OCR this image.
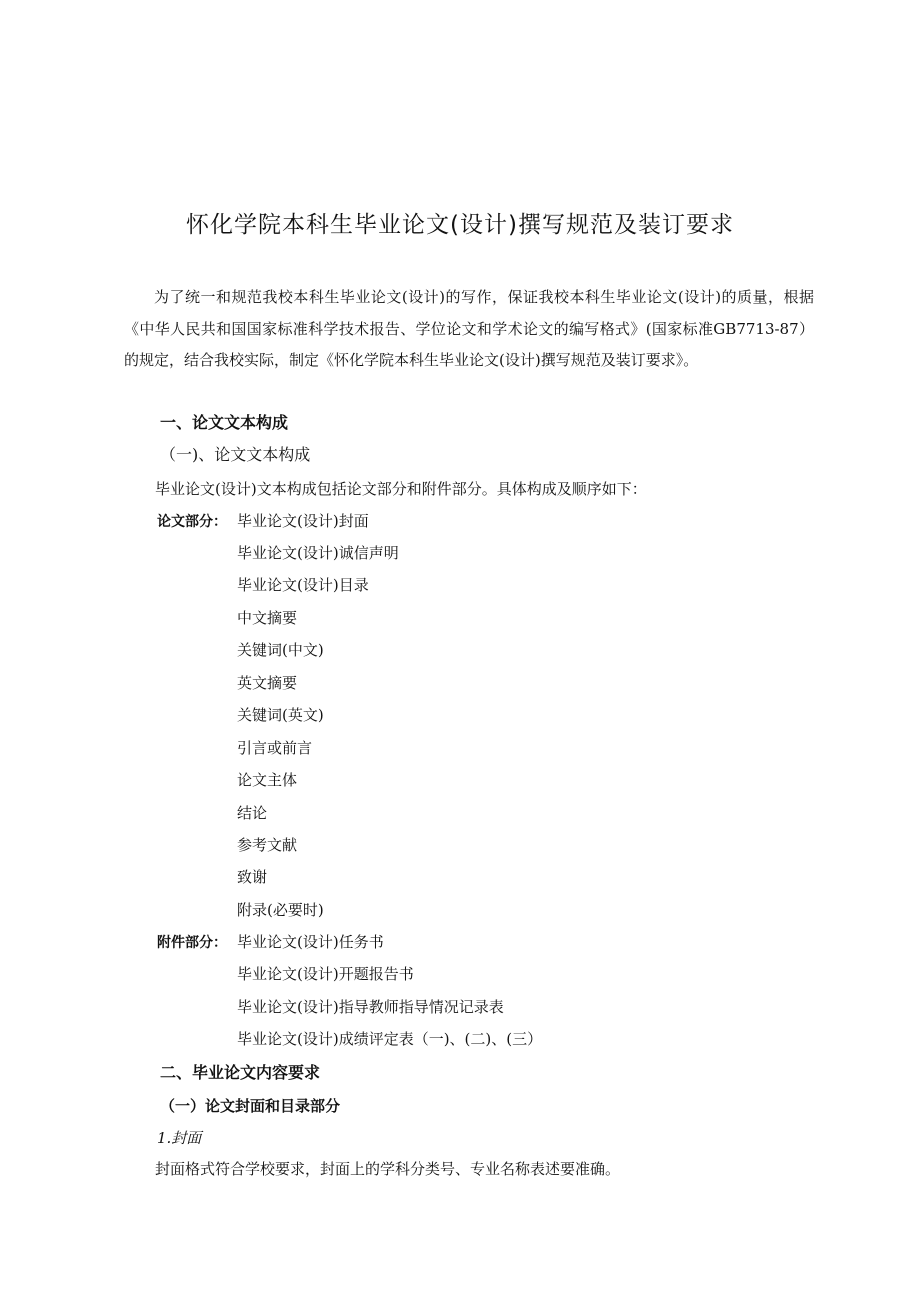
怀化学院本科生毕业论文(设计)撰写规范及装订要求
为了统一和规范我校本科生毕业论文(设计)的写作，保证我校本科生毕业论文(设计)的质量，根据《中华人民共和国国家标准科学技术报告、学位论文和学术论文的编写格式》(国家标准GB7713-87）的规定，结合我校实际，制定《怀化学院本科生毕业论文(设计)撰写规范及装订要求》。
一、论文文本构成
（一)、论文文本构成
毕业论文(设计)文本构成包括论文部分和附件部分。具体构成及顺序如下：
论文部分： 毕业论文(设计)封面
毕业论文(设计)诚信声明
毕业论文(设计)目录
中文摘要
关键词(中文)
英文摘要
关键词(英文)
引言或前言
论文主体
结论
参考文献
致谢
附录(必要时)
附件部分： 毕业论文(设计)任务书
毕业论文(设计)开题报告书
毕业论文(设计)指导教师指导情况记录表
毕业论文(设计)成绩评定表（一)、(二)、(三）
二、毕业论文内容要求
（一）论文封面和目录部分
1.封面
封面格式符合学校要求，封面上的学科分类号、专业名称表述要准确。
